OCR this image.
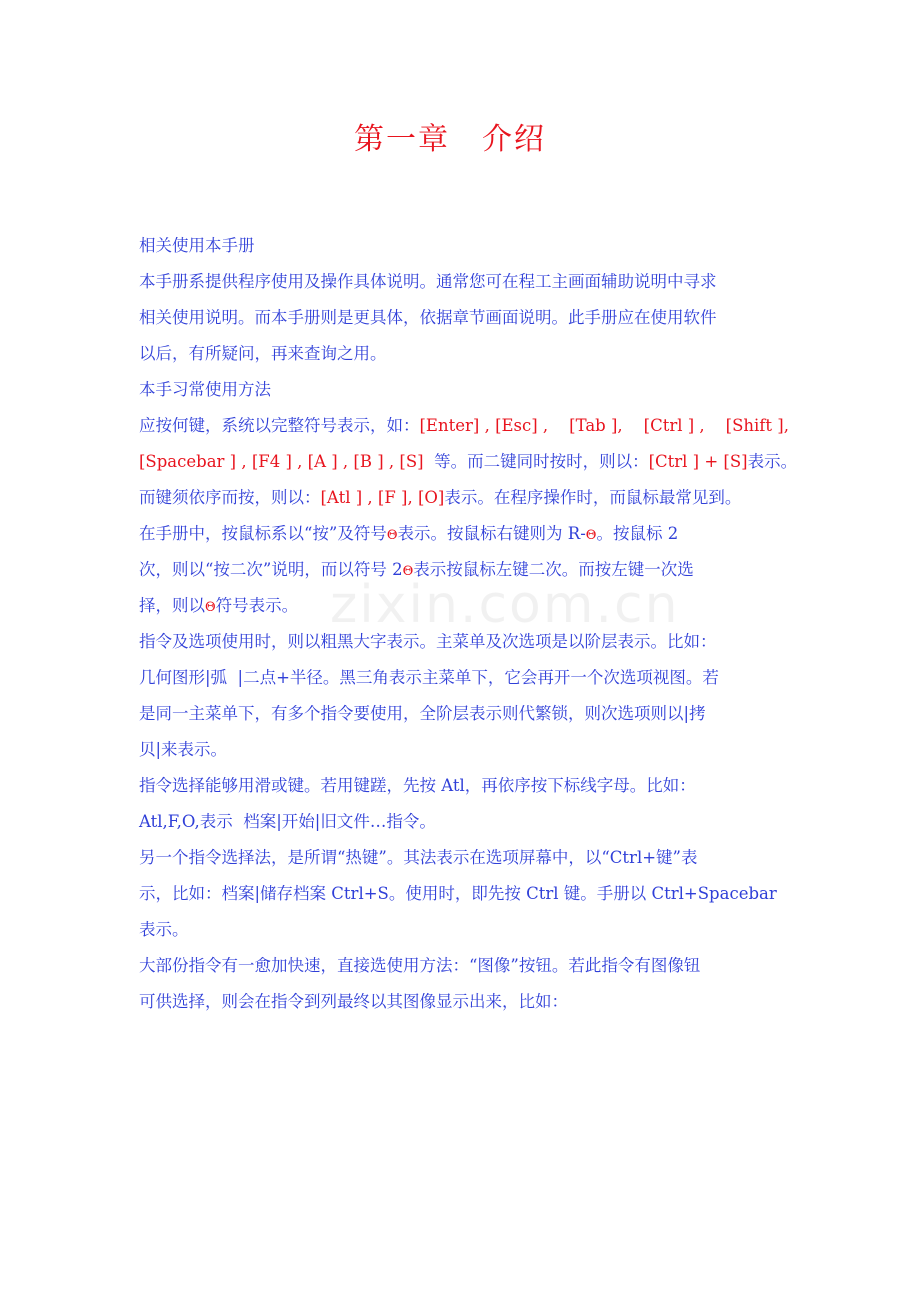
第一章 介绍
zixin.com.cn
相关使用本手册
本手册系提供程序使用及操作具体说明。通常您可在程工主画面辅助说明中寻求
相关使用说明。而本手册则是更具体，依据章节画面说明。此手册应在使用软件
以后，有所疑问，再来查询之用。
本手习常使用方法
应按何键，系统以完整符号表示，如：[Enter] , [Esc] ,    [Tab ],    [Ctrl ] ,    [Shift ],
[Spacebar ] , [F4 ] , [A ] , [B ] , [S]  等。而二键同时按时，则以：[Ctrl ] + [S]表示。
而键须依序而按，则以：[Atl ] , [F ], [O]表示。在程序操作时，而鼠标最常见到。
在手册中，按鼠标系以“按”及符号Θ表示。按鼠标右键则为 R-Θ。按鼠标 2
次，则以“按二次”说明，而以符号 2Θ表示按鼠标左键二次。而按左键一次选
择，则以Θ符号表示。
指令及选项使用时，则以粗黑大字表示。主菜单及次选项是以阶层表示。比如：
几何图形|弧  |二点+半径。黑三角表示主菜单下，它会再开一个次选项视图。若
是同一主菜单下，有多个指令要使用，全阶层表示则代繁锁，则次选项则以|拷
贝|来表示。
指令选择能够用滑或键。若用键蹉，先按 Atl，再依序按下标线字母。比如：
Atl,F,O,表示  档案|开始|旧文件…指令。
另一个指令选择法，是所谓“热键”。其法表示在选项屏幕中，以“Ctrl+键”表
示，比如：档案|储存档案 Ctrl+S。使用时，即先按 Ctrl 键。手册以 Ctrl+Spacebar
表示。
大部份指令有一愈加快速，直接选使用方法：“图像”按钮。若此指令有图像钮
可供选择，则会在指令到列最终以其图像显示出来，比如：
